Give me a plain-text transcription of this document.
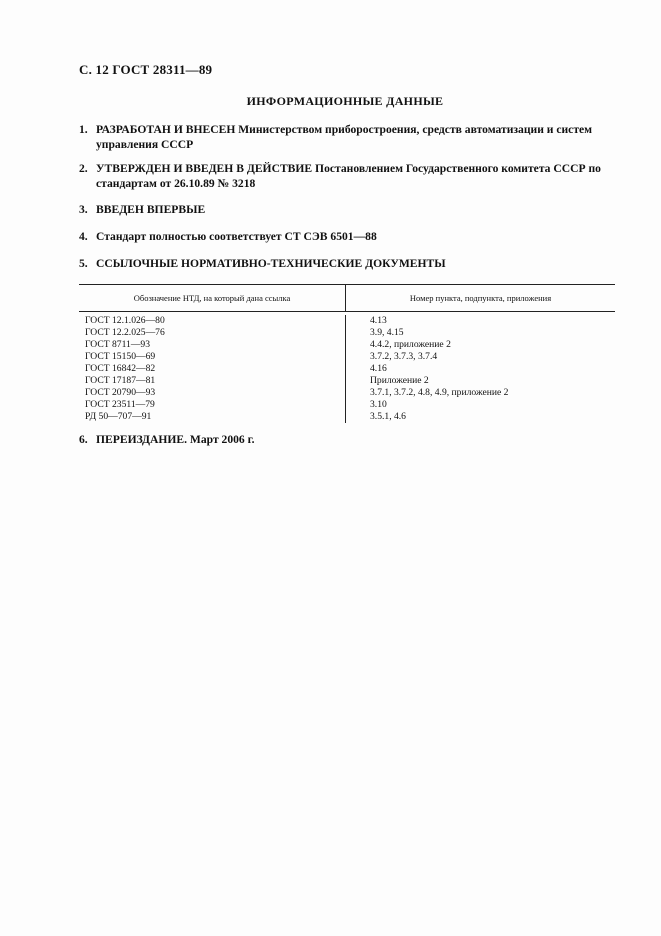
С. 12 ГОСТ 28311—89
ИНФОРМАЦИОННЫЕ ДАННЫЕ
1. РАЗРАБОТАН И ВНЕСЕН Министерством приборостроения, средств автоматизации и систем
управления СССР
2. УТВЕРЖДЕН И ВВЕДЕН В ДЕЙСТВИЕ Постановлением Государственного комитета СССР по
стандартам от 26.10.89 № 3218
3. ВВЕДЕН ВПЕРВЫЕ
4. Стандарт полностью соответствует СТ СЭВ 6501—88
5. ССЫЛОЧНЫЕ НОРМАТИВНО-ТЕХНИЧЕСКИЕ ДОКУМЕНТЫ
Обозначение НТД, на который дана ссылка	Номер пункта, подпункта, приложения
ГОСТ 12.1.026—80
ГОСТ 12.2.025—76
ГОСТ 8711—93
ГОСТ 15150—69
ГОСТ 16842—82
ГОСТ 17187—81
ГОСТ 20790—93
ГОСТ 23511—79
РД 50—707—91
4.13
3.9, 4.15
4.4.2, приложение 2
3.7.2, 3.7.3, 3.7.4
4.16
Приложение 2
3.7.1, 3.7.2, 4.8, 4.9, приложение 2
3.10
3.5.1, 4.6
6. ПЕРЕИЗДАНИЕ. Март 2006 г.
